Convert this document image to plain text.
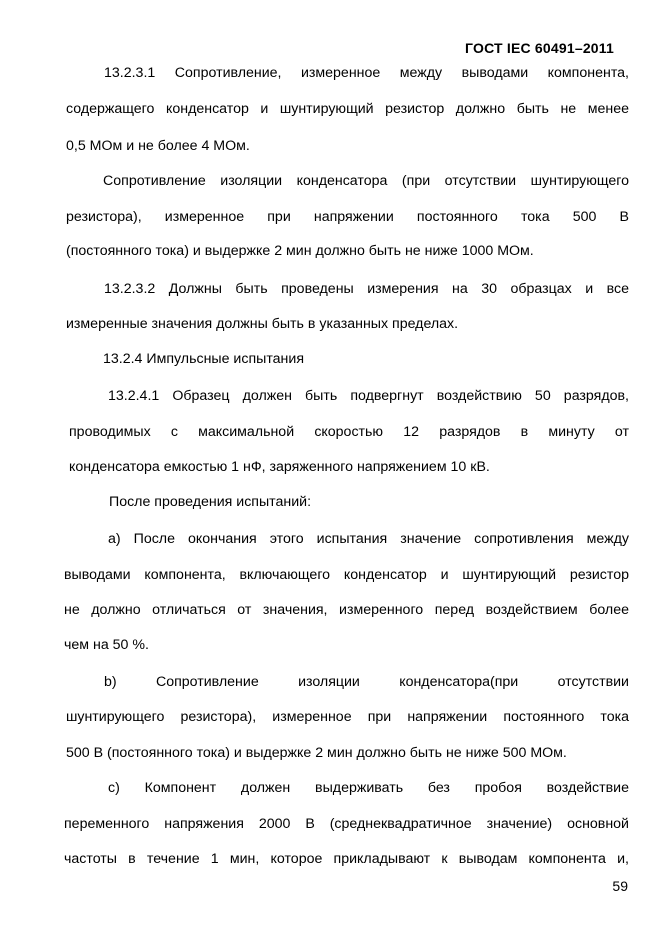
ГОСТ IEC 60491–2011
13.2.3.1 Сопротивление, измеренное между выводами компонента,
содержащего конденсатор и шунтирующий резистор должно быть не менее
0,5 МОм и не более 4 МОм.
Сопротивление изоляции конденсатора (при отсутствии шунтирующего
резистора), измеренное при напряжении постоянного тока 500 В
(постоянного тока) и выдержке 2 мин должно быть не ниже 1000 МОм.
13.2.3.2 Должны быть проведены измерения на 30 образцах и все
измеренные значения должны быть в указанных пределах.
13.2.4 Импульсные испытания
13.2.4.1 Образец должен быть подвергнут воздействию 50 разрядов,
проводимых с максимальной скоростью 12 разрядов в минуту от
конденсатора емкостью 1 нФ, заряженного напряжением 10 кВ.
После проведения испытаний:
а) После окончания этого испытания значение сопротивления между
выводами компонента, включающего конденсатор и шунтирующий резистор
не должно отличаться от значения, измеренного перед воздействием более
чем на 50 %.
b) Сопротивление изоляции конденсатора(при отсутствии
шунтирующего резистора), измеренное при напряжении постоянного тока
500 В (постоянного тока) и выдержке 2 мин должно быть не ниже 500 МОм.
с) Компонент должен выдерживать без пробоя воздействие
переменного напряжения 2000 В (среднеквадратичное значение) основной
частоты в течение 1 мин, которое прикладывают к выводам компонента и,
59
